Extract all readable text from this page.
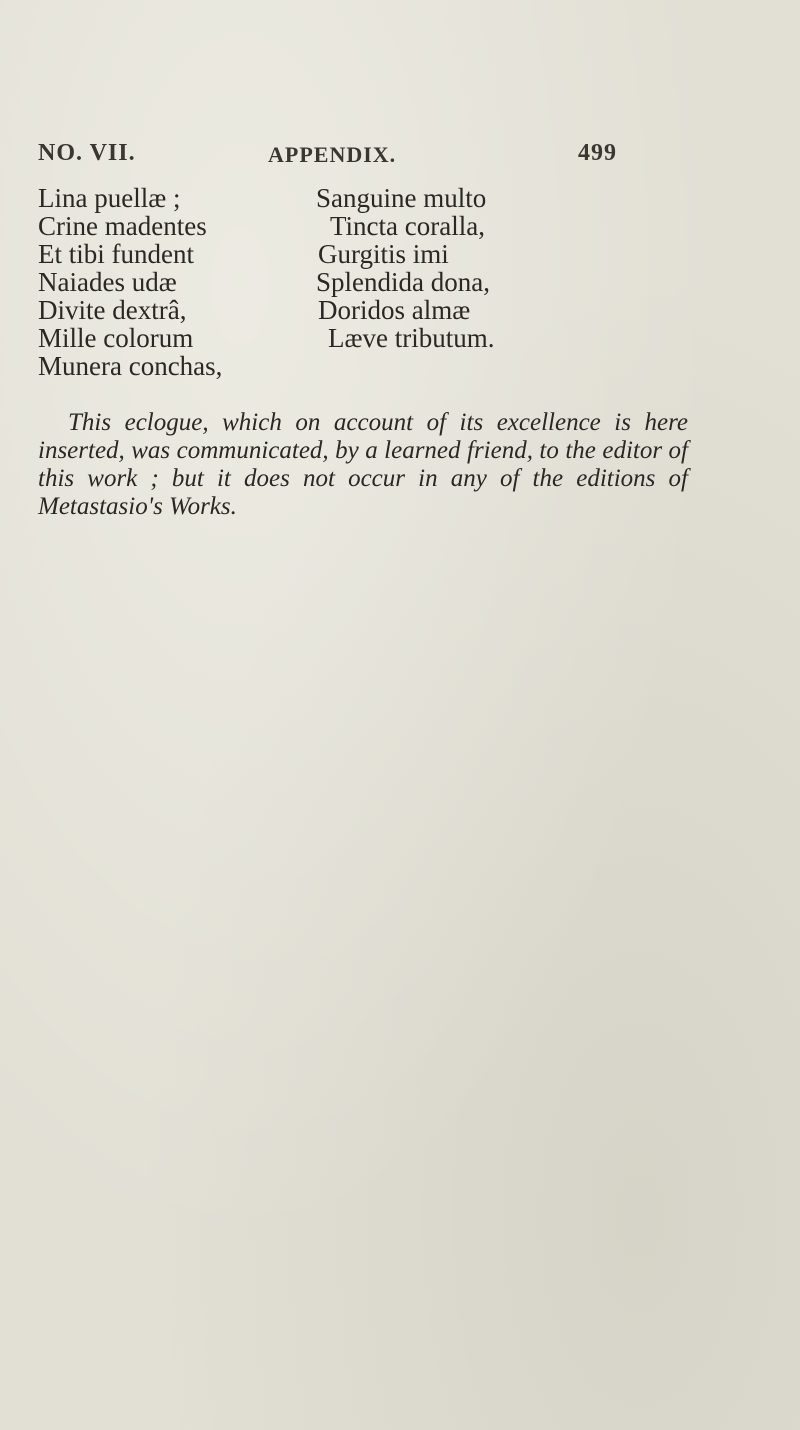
NO. VII.	APPENDIX.	499
Lina puellæ ;
Crine madentes
Et tibi fundent
Naiades udæ
Divite dextrâ,
Mille colorum
Munera conchas,
Sanguine multo
Tincta coralla,
Gurgitis imi
Splendida dona,
Doridos almæ
Læve tributum.

This eclogue, which on account of its excellence is here inserted, was communicated, by a learned friend, to the editor of this work ; but it does not occur in any of the editions of Metastasio's Works.
